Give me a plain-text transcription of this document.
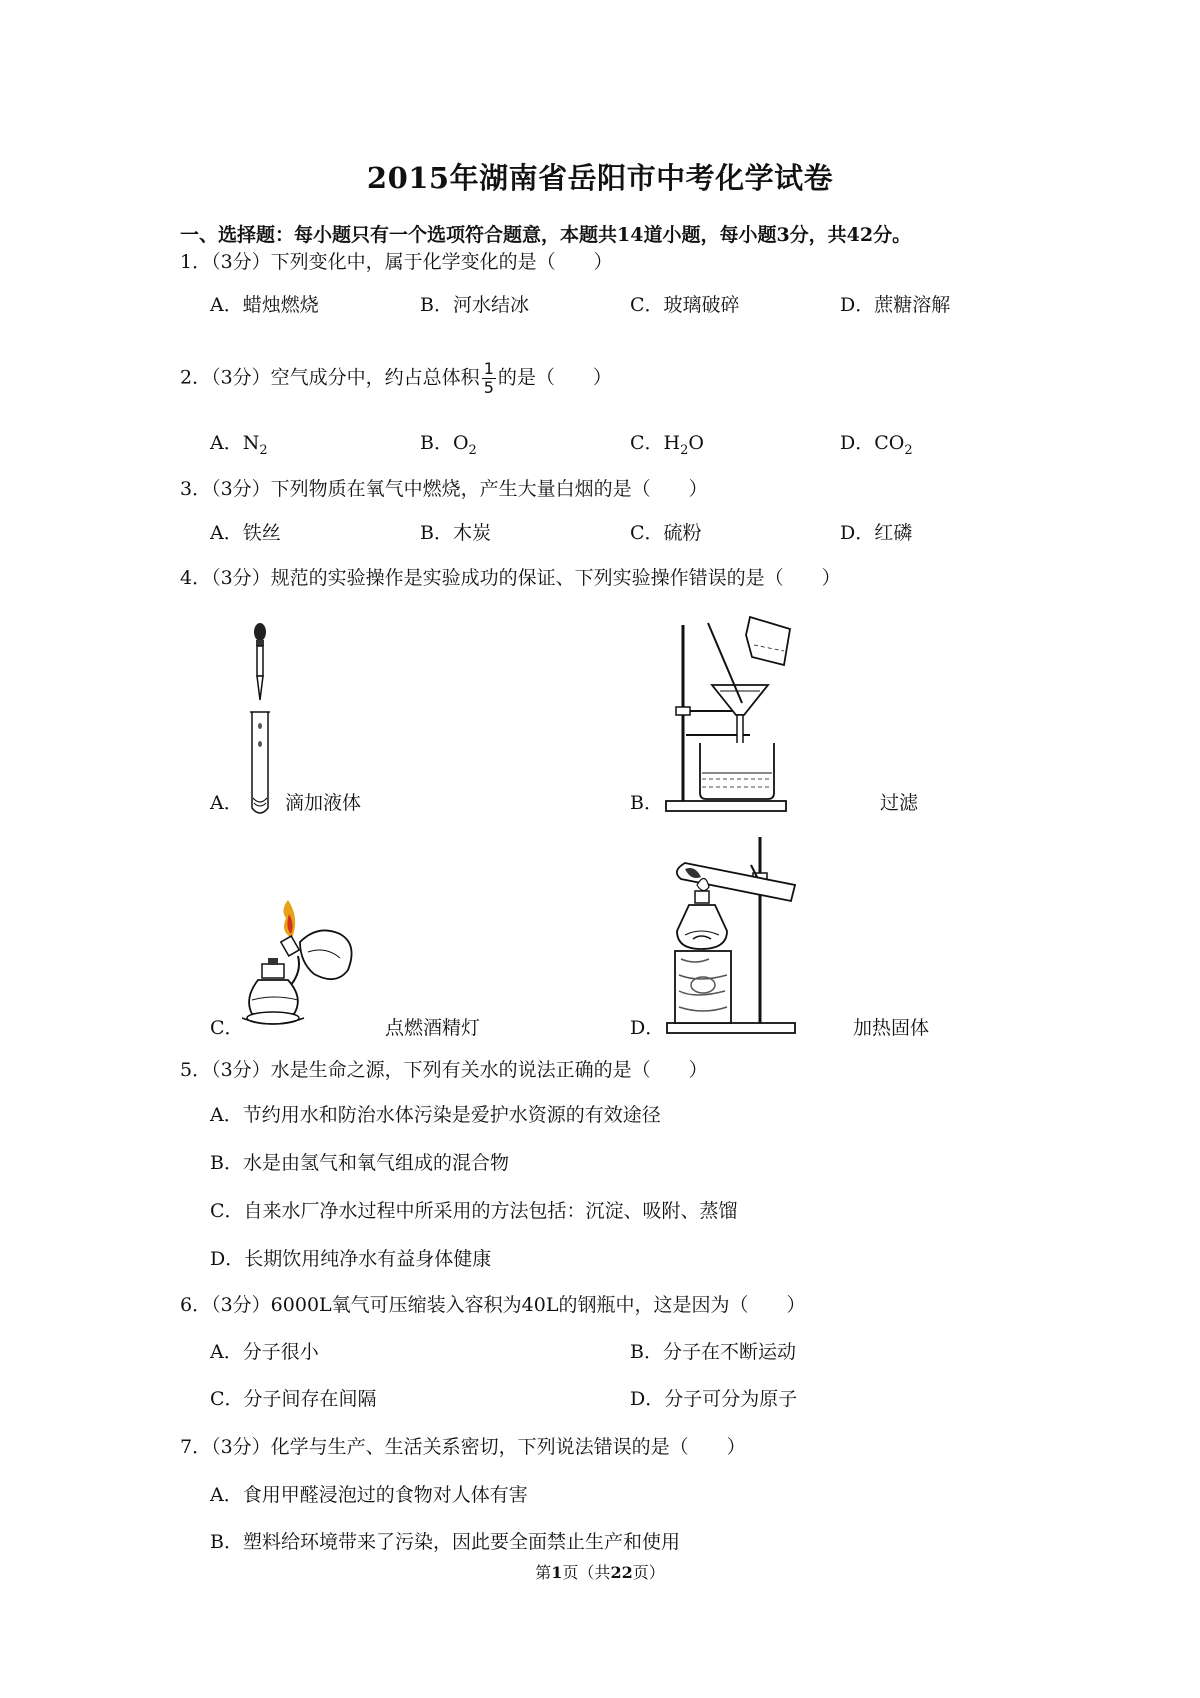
2015年湖南省岳阳市中考化学试卷
一、选择题：每小题只有一个选项符合题意，本题共14道小题，每小题3分，共42分。
1．（3分）下列变化中，属于化学变化的是（　　）
A．蜡烛燃烧	B．河水结冰	C．玻璃破碎	D．蔗糖溶解
2．（3分）空气成分中，约占总体积 $\frac{1}{5}$ 的是（　　）
A．$N_2$	B．$O_2$	C．$H_2O$	D．$CO_2$
3．（3分）下列物质在氧气中燃烧，产生大量白烟的是（　　）
A．铁丝	B．木炭	C．硫粉	D．红磷
4．（3分）规范的实验操作是实验成功的保证、下列实验操作错误的是（　　）
A． 滴加液体	B．	过滤
C．	点燃酒精灯	D．	加热固体
5．（3分）水是生命之源，下列有关水的说法正确的是（　　）
A．节约用水和防治水体污染是爱护水资源的有效途径
B．水是由氢气和氧气组成的混合物
C．自来水厂净水过程中所采用的方法包括：沉淀、吸附、蒸馏
D．长期饮用纯净水有益身体健康
6．（3分）6000L氧气可压缩装入容积为40L的钢瓶中，这是因为（　　）
A．分子很小	B．分子在不断运动
C．分子间存在间隔	D．分子可分为原子
7．（3分）化学与生产、生活关系密切，下列说法错误的是（　　）
A．食用甲醛浸泡过的食物对人体有害
B．塑料给环境带来了污染，因此要全面禁止生产和使用
第1页（共22页）
